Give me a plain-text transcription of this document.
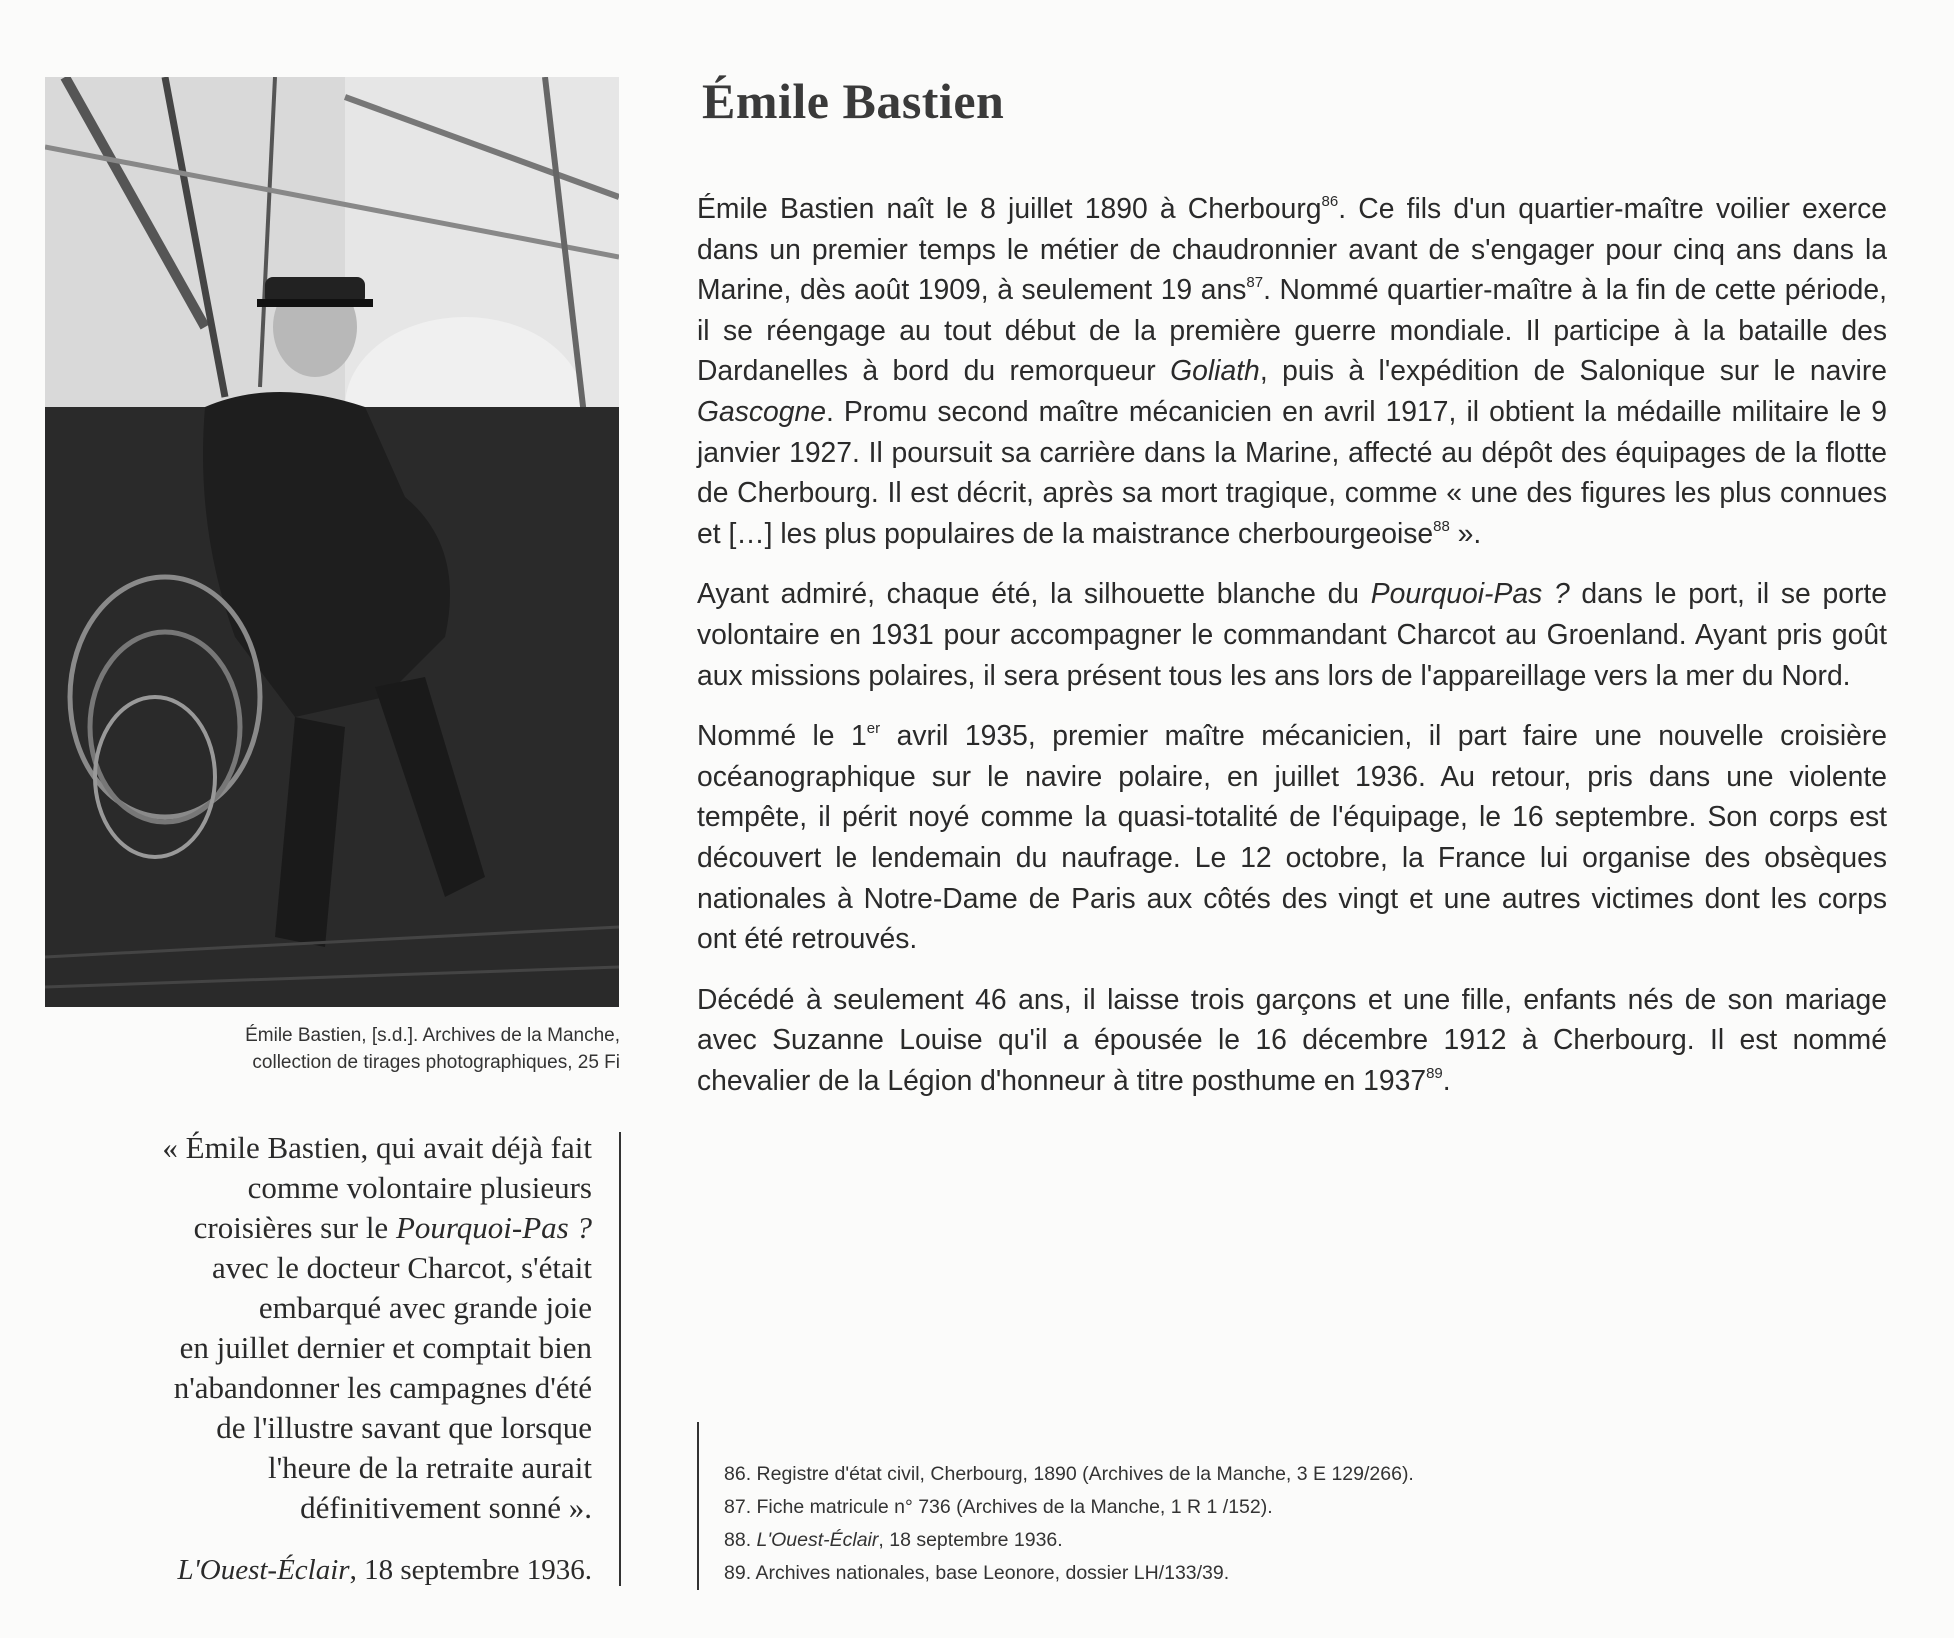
Émile Bastien, [s.d.]. Archives de la Manche,
collection de tirages photographiques, 25 Fi
« Émile Bastien, qui avait déjà fait
comme volontaire plusieurs
croisières sur le Pourquoi-Pas ?
avec le docteur Charcot, s'était
embarqué avec grande joie
en juillet dernier et comptait bien
n'abandonner les campagnes d'été
de l'illustre savant que lorsque
l'heure de la retraite aurait
définitivement sonné ».
L'Ouest-Éclair, 18 septembre 1936.
Émile Bastien

Émile Bastien naît le 8 juillet 1890 à Cherbourg$^{86}$. Ce fils d'un quartier-maître voilier exerce dans un premier temps le métier de chaudronnier avant de s'engager pour cinq ans dans la Marine, dès août 1909, à seulement 19 ans$^{87}$. Nommé quartier-maître à la fin de cette période, il se réengage au tout début de la première guerre mondiale. Il participe à la bataille des Dardanelles à bord du remorqueur Goliath, puis à l'expédition de Salonique sur le navire Gascogne. Promu second maître mécanicien en avril 1917, il obtient la médaille militaire le 9 janvier 1927. Il poursuit sa carrière dans la Marine, affecté au dépôt des équipages de la flotte de Cherbourg. Il est décrit, après sa mort tragique, comme « une des figures les plus connues et […] les plus populaires de la maistrance cherbourgeoise$^{88}$ ».

Ayant admiré, chaque été, la silhouette blanche du Pourquoi-Pas ? dans le port, il se porte volontaire en 1931 pour accompagner le commandant Charcot au Groenland. Ayant pris goût aux missions polaires, il sera présent tous les ans lors de l'appareillage vers la mer du Nord.

Nommé le 1er avril 1935, premier maître mécanicien, il part faire une nouvelle croisière océanographique sur le navire polaire, en juillet 1936. Au retour, pris dans une violente tempête, il périt noyé comme la quasi-totalité de l'équipage, le 16 septembre. Son corps est découvert le lendemain du naufrage. Le 12 octobre, la France lui organise des obsèques nationales à Notre-Dame de Paris aux côtés des vingt et une autres victimes dont les corps ont été retrouvés.

Décédé à seulement 46 ans, il laisse trois garçons et une fille, enfants nés de son mariage avec Suzanne Louise qu'il a épousée le 16 décembre 1912 à Cherbourg. Il est nommé chevalier de la Légion d'honneur à titre posthume en 1937$^{89}$.

86. Registre d'état civil, Cherbourg, 1890 (Archives de la Manche, 3 E 129/266).
87. Fiche matricule n° 736 (Archives de la Manche, 1 R 1 /152).
88. L'Ouest-Éclair, 18 septembre 1936.
89. Archives nationales, base Leonore, dossier LH/133/39.
